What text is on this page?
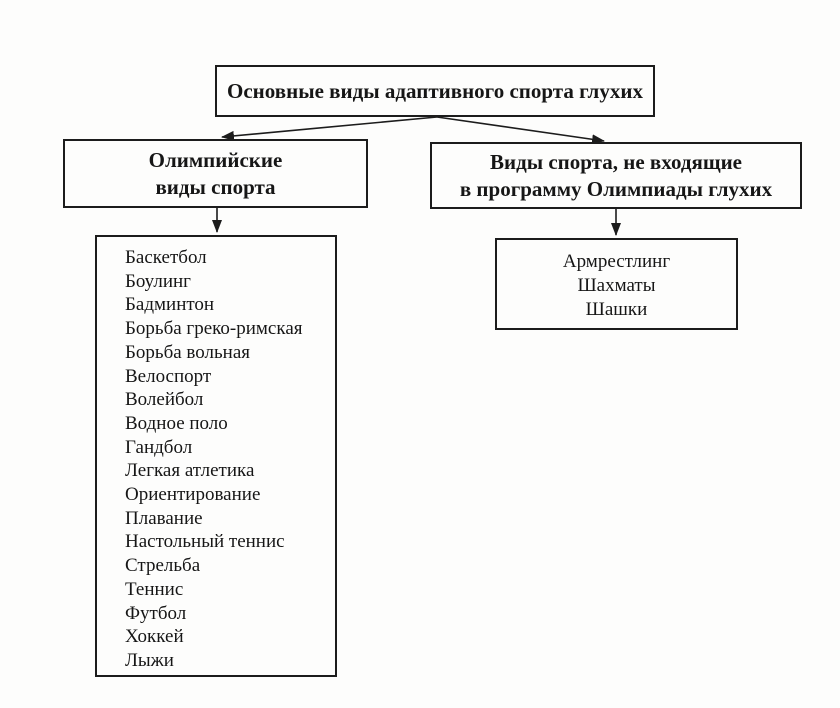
Основные виды адаптивного спорта глухих
Олимпийские
виды спорта
Виды спорта, не входящие
в программу Олимпиады глухих
Баскетбол
Боулинг
Бадминтон
Борьба греко-римская
Борьба вольная
Велоспорт
Волейбол
Водное поло
Гандбол
Легкая атлетика
Ориентирование
Плавание
Настольный теннис
Стрельба
Теннис
Футбол
Хоккей
Лыжи
Армрестлинг
Шахматы
Шашки
